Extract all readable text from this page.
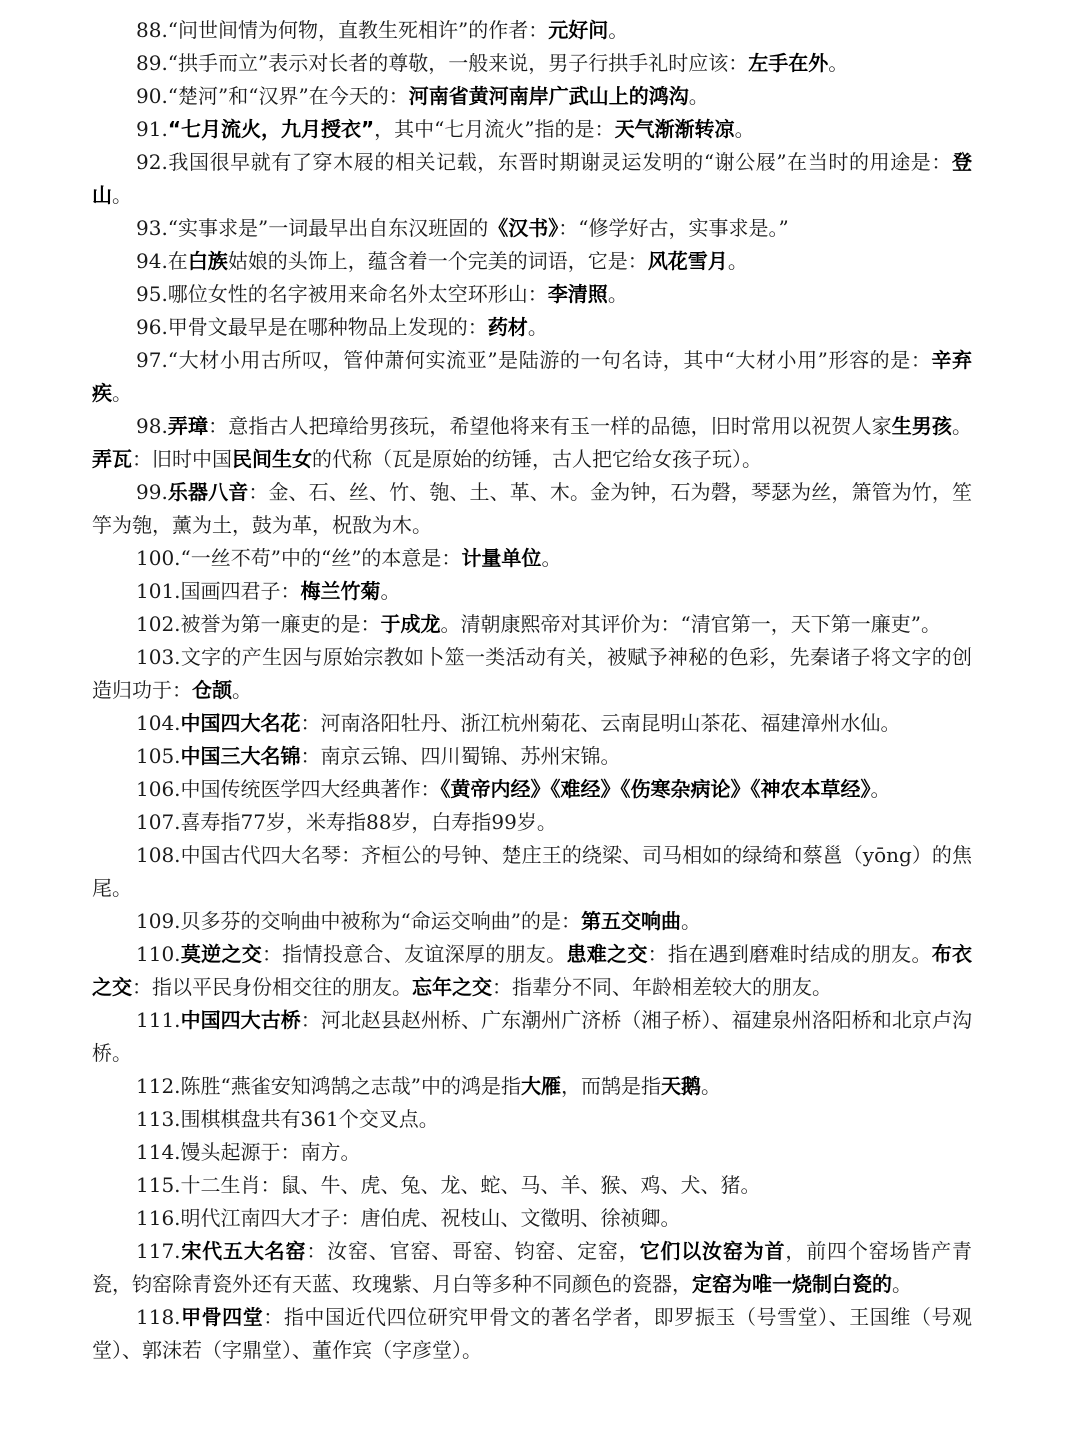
88.“问世间情为何物，直教生死相许”的作者：元好问。

89.“拱手而立”表示对长者的尊敬，一般来说，男子行拱手礼时应该：左手在外。

90.“楚河”和“汉界”在今天的：河南省黄河南岸广武山上的鸿沟。

91.“七月流火，九月授衣”，其中“七月流火”指的是：天气渐渐转凉。

92.我国很早就有了穿木屐的相关记载，东晋时期谢灵运发明的“谢公屐”在当时的用途是：登山。

93.“实事求是”一词最早出自东汉班固的《汉书》：“修学好古，实事求是。”

94.在白族姑娘的头饰上，蕴含着一个完美的词语，它是：风花雪月。

95.哪位女性的名字被用来命名外太空环形山：李清照。

96.甲骨文最早是在哪种物品上发现的：药材。

97.“大材小用古所叹，管仲萧何实流亚”是陆游的一句名诗，其中“大材小用”形容的是：辛弃疾。

98.弄璋：意指古人把璋给男孩玩，希望他将来有玉一样的品德，旧时常用以祝贺人家生男孩。弄瓦：旧时中国民间生女的代称（瓦是原始的纺锤，古人把它给女孩子玩）。

99.乐器八音：金、石、丝、竹、匏、土、革、木。金为钟，石为磬，琴瑟为丝，箫管为竹，笙竽为匏，薰为土，鼓为革，柷敔为木。

100.“一丝不苟”中的“丝”的本意是：计量单位。

101.国画四君子：梅兰竹菊。

102.被誉为第一廉吏的是：于成龙。清朝康熙帝对其评价为：“清官第一，天下第一廉吏”。

103.文字的产生因与原始宗教如卜筮一类活动有关，被赋予神秘的色彩，先秦诸子将文字的创造归功于：仓颉。

104.中国四大名花：河南洛阳牡丹、浙江杭州菊花、云南昆明山茶花、福建漳州水仙。

105.中国三大名锦：南京云锦、四川蜀锦、苏州宋锦。

106.中国传统医学四大经典著作：《黄帝内经》《难经》《伤寒杂病论》《神农本草经》。

107.喜寿指77岁，米寿指88岁，白寿指99岁。

108.中国古代四大名琴：齐桓公的号钟、楚庄王的绕梁、司马相如的绿绮和蔡邕（yōng）的焦尾。

109.贝多芬的交响曲中被称为“命运交响曲”的是：第五交响曲。

110.莫逆之交：指情投意合、友谊深厚的朋友。患难之交：指在遇到磨难时结成的朋友。布衣之交：指以平民身份相交往的朋友。忘年之交：指辈分不同、年龄相差较大的朋友。

111.中国四大古桥：河北赵县赵州桥、广东潮州广济桥（湘子桥）、福建泉州洛阳桥和北京卢沟桥。

112.陈胜“燕雀安知鸿鹄之志哉”中的鸿是指大雁，而鹄是指天鹅。

113.围棋棋盘共有361个交叉点。

114.馒头起源于：南方。

115.十二生肖：鼠、牛、虎、兔、龙、蛇、马、羊、猴、鸡、犬、猪。

116.明代江南四大才子：唐伯虎、祝枝山、文徵明、徐祯卿。

117.宋代五大名窑：汝窑、官窑、哥窑、钧窑、定窑，它们以汝窑为首，前四个窑场皆产青瓷，钧窑除青瓷外还有天蓝、玫瑰紫、月白等多种不同颜色的瓷器，定窑为唯一烧制白瓷的。

118.甲骨四堂：指中国近代四位研究甲骨文的著名学者，即罗振玉（号雪堂）、王国维（号观堂）、郭沫若（字鼎堂）、董作宾（字彦堂）。
